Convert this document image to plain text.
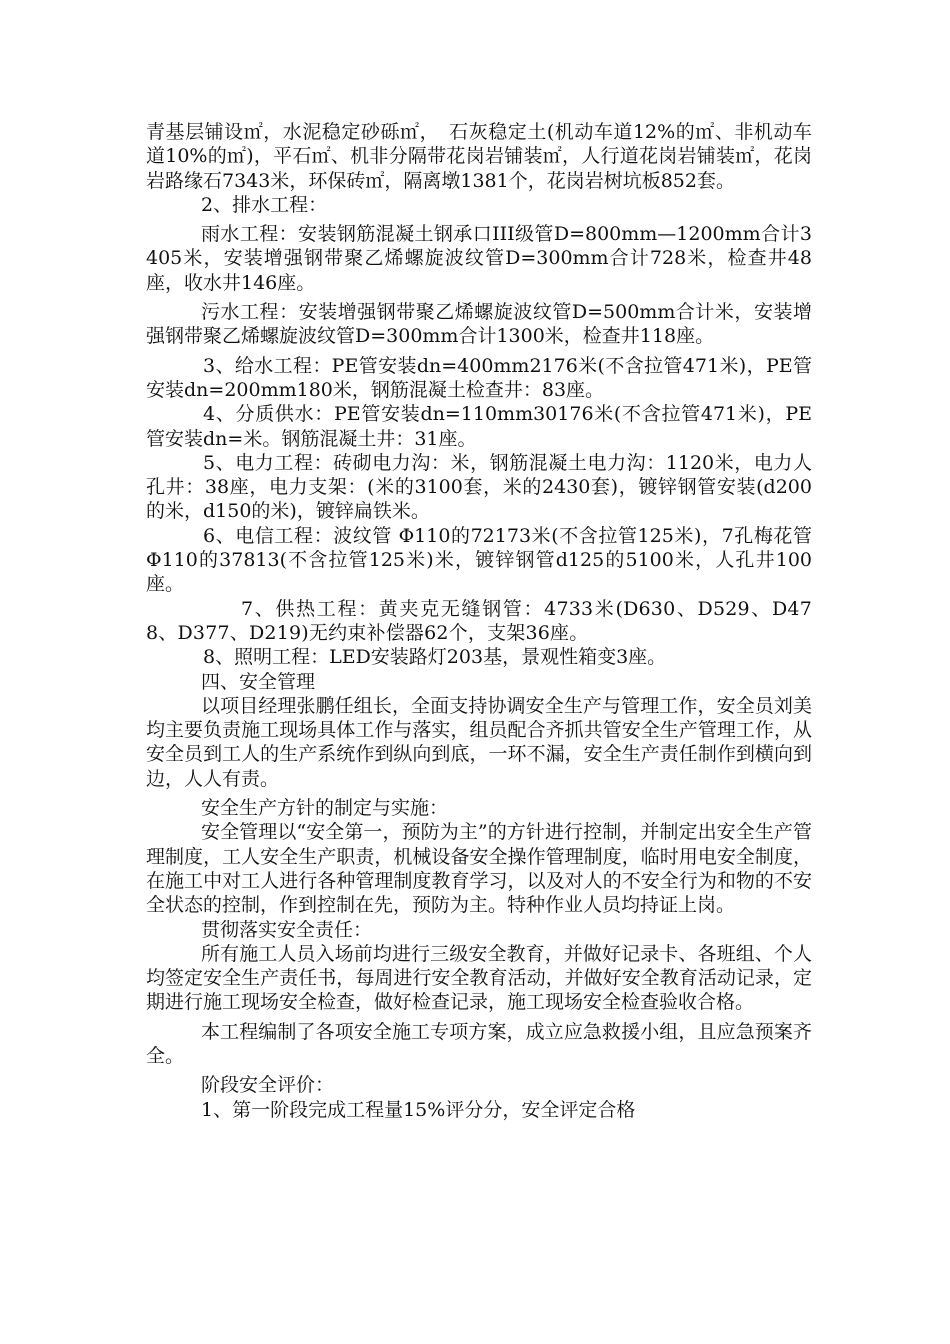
青基层铺设㎡，水泥稳定砂砾㎡，　石灰稳定土(机动车道12%的㎡、非机动车道10%的㎡)，平石㎡、机非分隔带花岗岩铺装㎡，人行道花岗岩铺装㎡，花岗岩路缘石7343米，环保砖㎡，隔离墩1381个，花岗岩树坑板852套。

2、排水工程：

雨水工程：安装钢筋混凝土钢承口III级管D=800mm—1200mm合计3405米，安装增强钢带聚乙烯螺旋波纹管D=300mm合计728米，检查井48座，收水井146座。

污水工程：安装增强钢带聚乙烯螺旋波纹管D=500mm合计米，安装增强钢带聚乙烯螺旋波纹管D=300mm合计1300米，检查井118座。

3、给水工程：PE管安装dn=400mm2176米(不含拉管471米)，PE管安装dn=200mm180米，钢筋混凝土检查井：83座。

4、分质供水：PE管安装dn=110mm30176米(不含拉管471米)，PE管安装dn=米。钢筋混凝土井：31座。

5、电力工程：砖砌电力沟：米，钢筋混凝土电力沟：1120米，电力人孔井：38座，电力支架：(米的3100套，米的2430套)，镀锌钢管安装(d200的米，d150的米)，镀锌扁铁米。

6、电信工程：波纹管 Φ110的72173米(不含拉管125米)，7孔梅花管 Φ110的37813(不含拉管125米)米，镀锌钢管d125的5100米，人孔井100座。

7、供热工程：黄夹克无缝钢管：4733米(D630、D529、D478、D377、D219)无约束补偿器62个，支架36座。

8、照明工程：LED安装路灯203基，景观性箱变3座。

四、安全管理

以项目经理张鹏任组长，全面支持协调安全生产与管理工作，安全员刘美均主要负责施工现场具体工作与落实，组员配合齐抓共管安全生产管理工作，从安全员到工人的生产系统作到纵向到底，一环不漏，安全生产责任制作到横向到边，人人有责。

安全生产方针的制定与实施：

安全管理以“安全第一，预防为主”的方针进行控制，并制定出安全生产管理制度，工人安全生产职责，机械设备安全操作管理制度，临时用电安全制度，在施工中对工人进行各种管理制度教育学习，以及对人的不安全行为和物的不安全状态的控制，作到控制在先，预防为主。特种作业人员均持证上岗。

贯彻落实安全责任：

所有施工人员入场前均进行三级安全教育，并做好记录卡、各班组、个人均签定安全生产责任书，每周进行安全教育活动，并做好安全教育活动记录，定期进行施工现场安全检查，做好检查记录，施工现场安全检查验收合格。

本工程编制了各项安全施工专项方案，成立应急救援小组，且应急预案齐全。

阶段安全评价：

1、第一阶段完成工程量15%评分分，安全评定合格
